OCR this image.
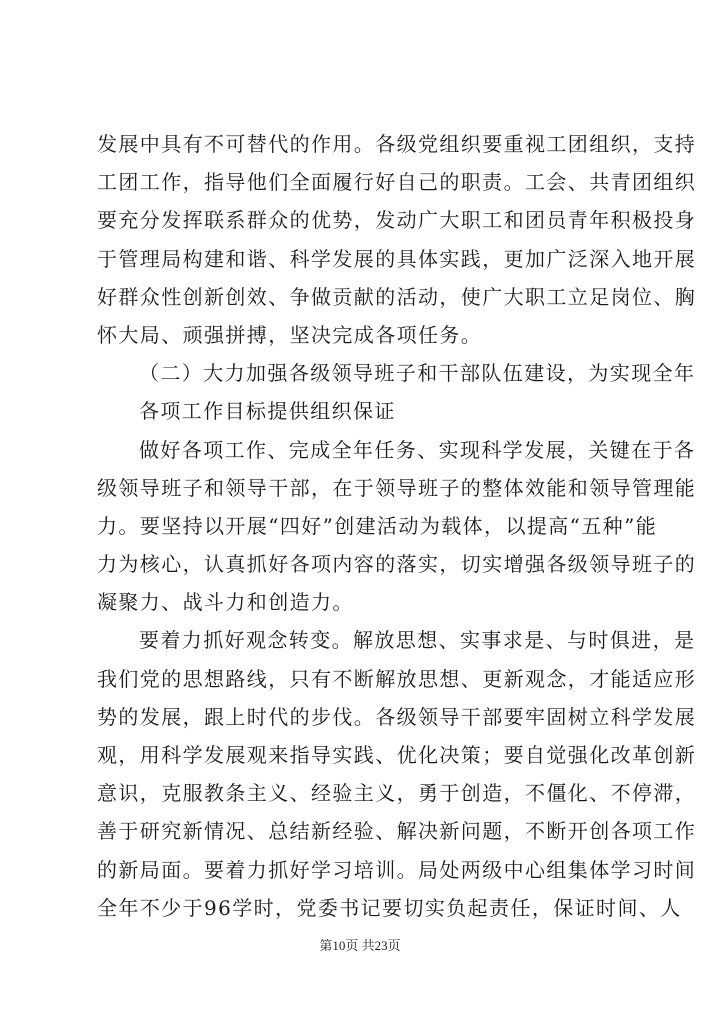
发展中具有不可替代的作用。各级党组织要重视工团组织，支持
工团工作，指导他们全面履行好自己的职责。工会、共青团组织
要充分发挥联系群众的优势，发动广大职工和团员青年积极投身
于管理局构建和谐、科学发展的具体实践，更加广泛深入地开展
好群众性创新创效、争做贡献的活动，使广大职工立足岗位、胸
怀大局、顽强拼搏，坚决完成各项任务。
（二）大力加强各级领导班子和干部队伍建设，为实现全年
各项工作目标提供组织保证
做好各项工作、完成全年任务、实现科学发展，关键在于各
级领导班子和领导干部，在于领导班子的整体效能和领导管理能
力。要坚持以开展“四好”创建活动为载体，以提高“五种”能
力为核心，认真抓好各项内容的落实，切实增强各级领导班子的
凝聚力、战斗力和创造力。
要着力抓好观念转变。解放思想、实事求是、与时俱进，是
我们党的思想路线，只有不断解放思想、更新观念，才能适应形
势的发展，跟上时代的步伐。各级领导干部要牢固树立科学发展
观，用科学发展观来指导实践、优化决策；要自觉强化改革创新
意识，克服教条主义、经验主义，勇于创造，不僵化、不停滞，
善于研究新情况、总结新经验、解决新问题，不断开创各项工作
的新局面。要着力抓好学习培训。局处两级中心组集体学习时间
全年不少于96学时，党委书记要切实负起责任，保证时间、人
第10页 共23页
